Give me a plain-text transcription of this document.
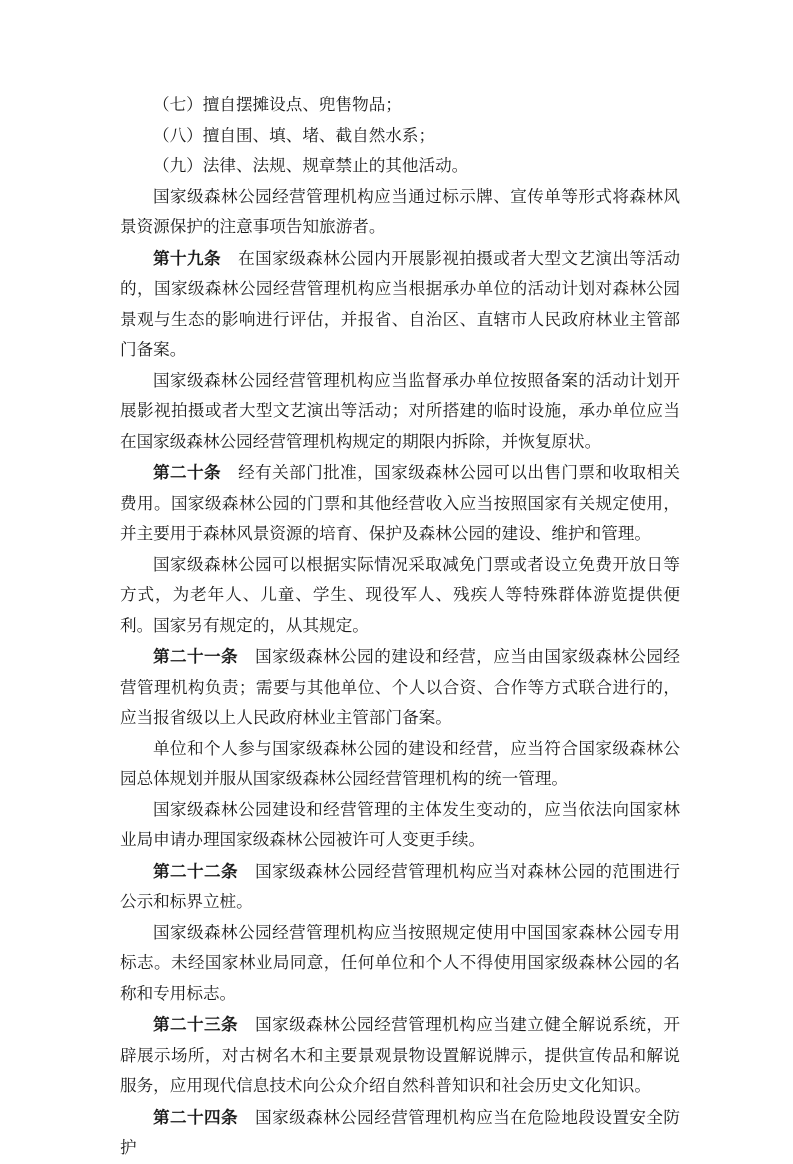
（七）擅自摆摊设点、兜售物品；

（八）擅自围、填、堵、截自然水系；

（九）法律、法规、规章禁止的其他活动。

国家级森林公园经营管理机构应当通过标示牌、宣传单等形式将森林风景资源保护的注意事项告知旅游者。

第十九条　 在国家级森林公园内开展影视拍摄或者大型文艺演出等活动的，国家级森林公园经营管理机构应当根据承办单位的活动计划对森林公园景观与生态的影响进行评估，并报省、自治区、直辖市人民政府林业主管部门备案。

国家级森林公园经营管理机构应当监督承办单位按照备案的活动计划开展影视拍摄或者大型文艺演出等活动；对所搭建的临时设施，承办单位应当在国家级森林公园经营管理机构规定的期限内拆除，并恢复原状。

第二十条　 经有关部门批准，国家级森林公园可以出售门票和收取相关费用。国家级森林公园的门票和其他经营收入应当按照国家有关规定使用，并主要用于森林风景资源的培育、保护及森林公园的建设、维护和管理。

国家级森林公园可以根据实际情况采取减免门票或者设立免费开放日等方式，为老年人、儿童、学生、现役军人、残疾人等特殊群体游览提供便利。国家另有规定的，从其规定。

第二十一条　 国家级森林公园的建设和经营，应当由国家级森林公园经营管理机构负责；需要与其他单位、个人以合资、合作等方式联合进行的，应当报省级以上人民政府林业主管部门备案。

单位和个人参与国家级森林公园的建设和经营，应当符合国家级森林公园总体规划并服从国家级森林公园经营管理机构的统一管理。

国家级森林公园建设和经营管理的主体发生变动的，应当依法向国家林业局申请办理国家级森林公园被许可人变更手续。

第二十二条　 国家级森林公园经营管理机构应当对森林公园的范围进行公示和标界立桩。

国家级森林公园经营管理机构应当按照规定使用中国国家森林公园专用标志。未经国家林业局同意，任何单位和个人不得使用国家级森林公园的名称和专用标志。

第二十三条　 国家级森林公园经营管理机构应当建立健全解说系统，开辟展示场所，对古树名木和主要景观景物设置解说牌示，提供宣传品和解说服务，应用现代信息技术向公众介绍自然科普知识和社会历史文化知识。

第二十四条　 国家级森林公园经营管理机构应当在危险地段设置安全防护
